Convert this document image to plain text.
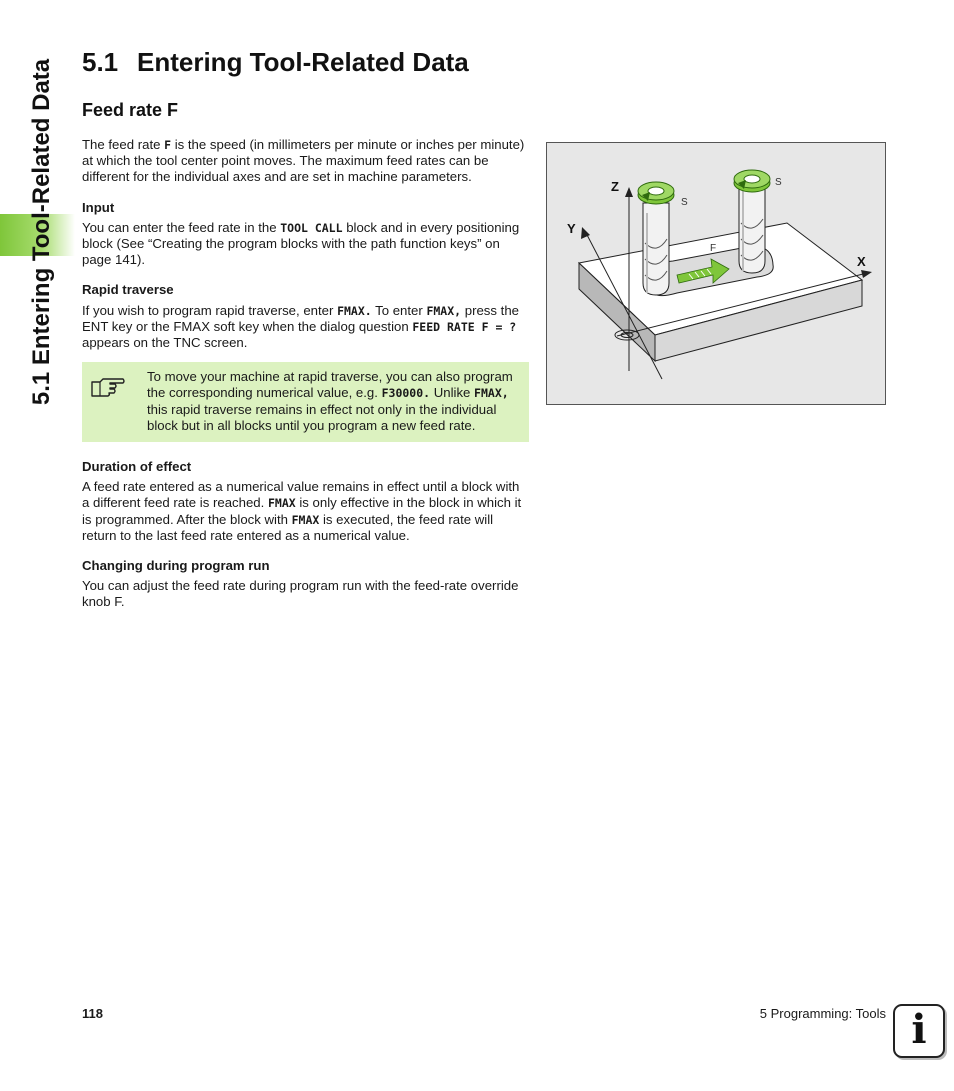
5.1 Entering Tool-Related Data 5.1 Entering Tool-Related Data
Feed rate F

The feed rate F is the speed (in millimeters per minute or inches per minute) at which the tool center point moves. The maximum feed rates can be different for the individual axes and are set in machine parameters.

Input

You can enter the feed rate in the TOOL CALL block and in every positioning block (See “Creating the program blocks with the path function keys” on page 141).

Rapid traverse

If you wish to program rapid traverse, enter FMAX. To enter FMAX, press the ENT key or the FMAX soft key when the dialog question FEED RATE F = ? appears on the TNC screen.

To move your machine at rapid traverse, you can also program the corresponding numerical value, e.g. F30000. Unlike FMAX, this rapid traverse remains in effect not only in the individual block but in all blocks until you program a new feed rate.

Duration of effect

A feed rate entered as a numerical value remains in effect until a block with a different feed rate is reached. FMAX is only effective in the block in which it is programmed. After the block with FMAX is executed, the feed rate will return to the last feed rate entered as a numerical value.

Changing during program run

You can adjust the feed rate during program run with the feed-rate override knob F.

Z
Y
X
S
S
F
118	5 Programming: Tools i
